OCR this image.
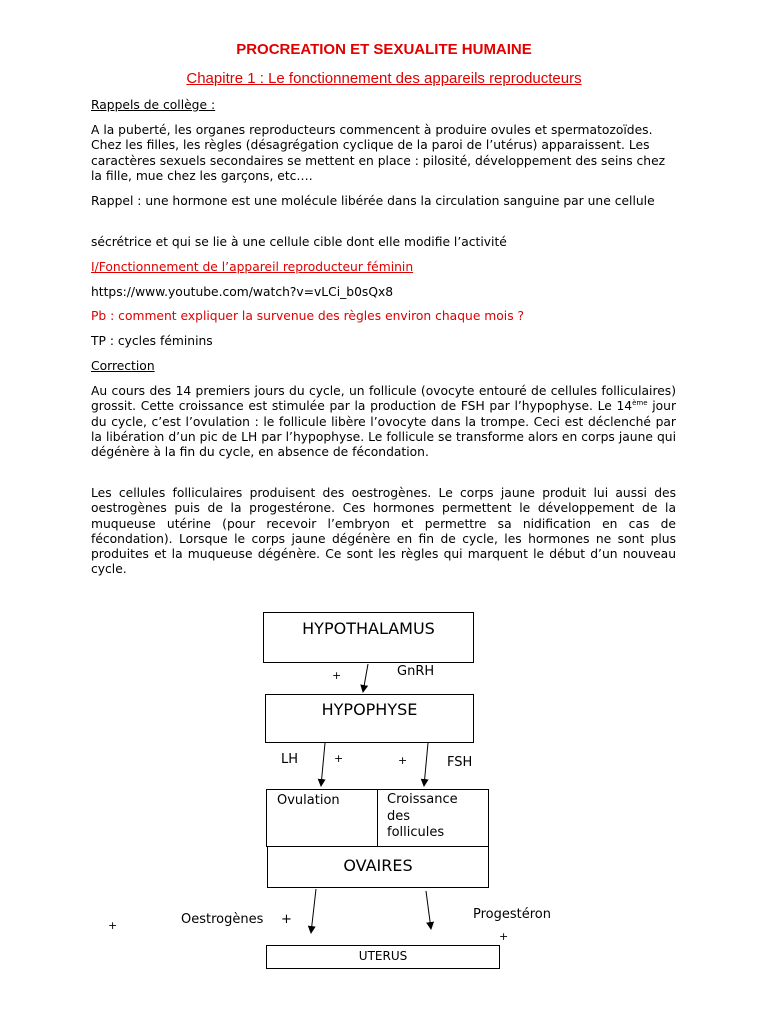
PROCREATION ET SEXUALITE HUMAINE
Chapitre 1 : Le fonctionnement des appareils reproducteurs
Rappels de collège :
A la puberté, les organes reproducteurs commencent à produire ovules et spermatozoïdes. Chez les filles, les règles (désagrégation cyclique de la paroi de l’utérus) apparaissent. Les caractères sexuels secondaires se mettent en place : pilosité, développement des seins chez la fille, mue chez les garçons, etc….
Rappel : une hormone est une molécule libérée dans la circulation sanguine par une cellule
sécrétrice et qui se lie à une cellule cible dont elle modifie l’activité
I/Fonctionnement de l’appareil reproducteur féminin
https://www.youtube.com/watch?v=vLCi_b0sQx8
Pb : comment expliquer la survenue des règles environ chaque mois ?
TP : cycles féminins
Correction
Au cours des 14 premiers jours du cycle, un follicule (ovocyte entouré de cellules folliculaires) grossit. Cette croissance est stimulée par la production de FSH par l’hypophyse. Le 14ème jour du cycle, c’est l’ovulation : le follicule libère l’ovocyte dans la trompe. Ceci est déclenché par la libération d’un pic de LH par l’hypophyse. Le follicule se transforme alors en corps jaune qui dégénère à la fin du cycle, en absence de fécondation.
Les cellules folliculaires produisent des oestrogènes. Le corps jaune produit lui aussi des oestrogènes puis de la progestérone. Ces hormones permettent le développement de la muqueuse utérine (pour recevoir l’embryon et permettre sa nidification en cas de fécondation). Lorsque le corps jaune dégénère en fin de cycle, les hormones ne sont plus produites et la muqueuse dégénère. Ce sont les règles qui marquent le début d’un nouveau cycle.
HYPOTHALAMUS
+	GnRH
HYPOPHYSE
LH	+	+	FSH
Ovulation	Croissance
des
follicules
OVAIRES
+	Oestrogènes +	Progestéron
+
UTERUS
